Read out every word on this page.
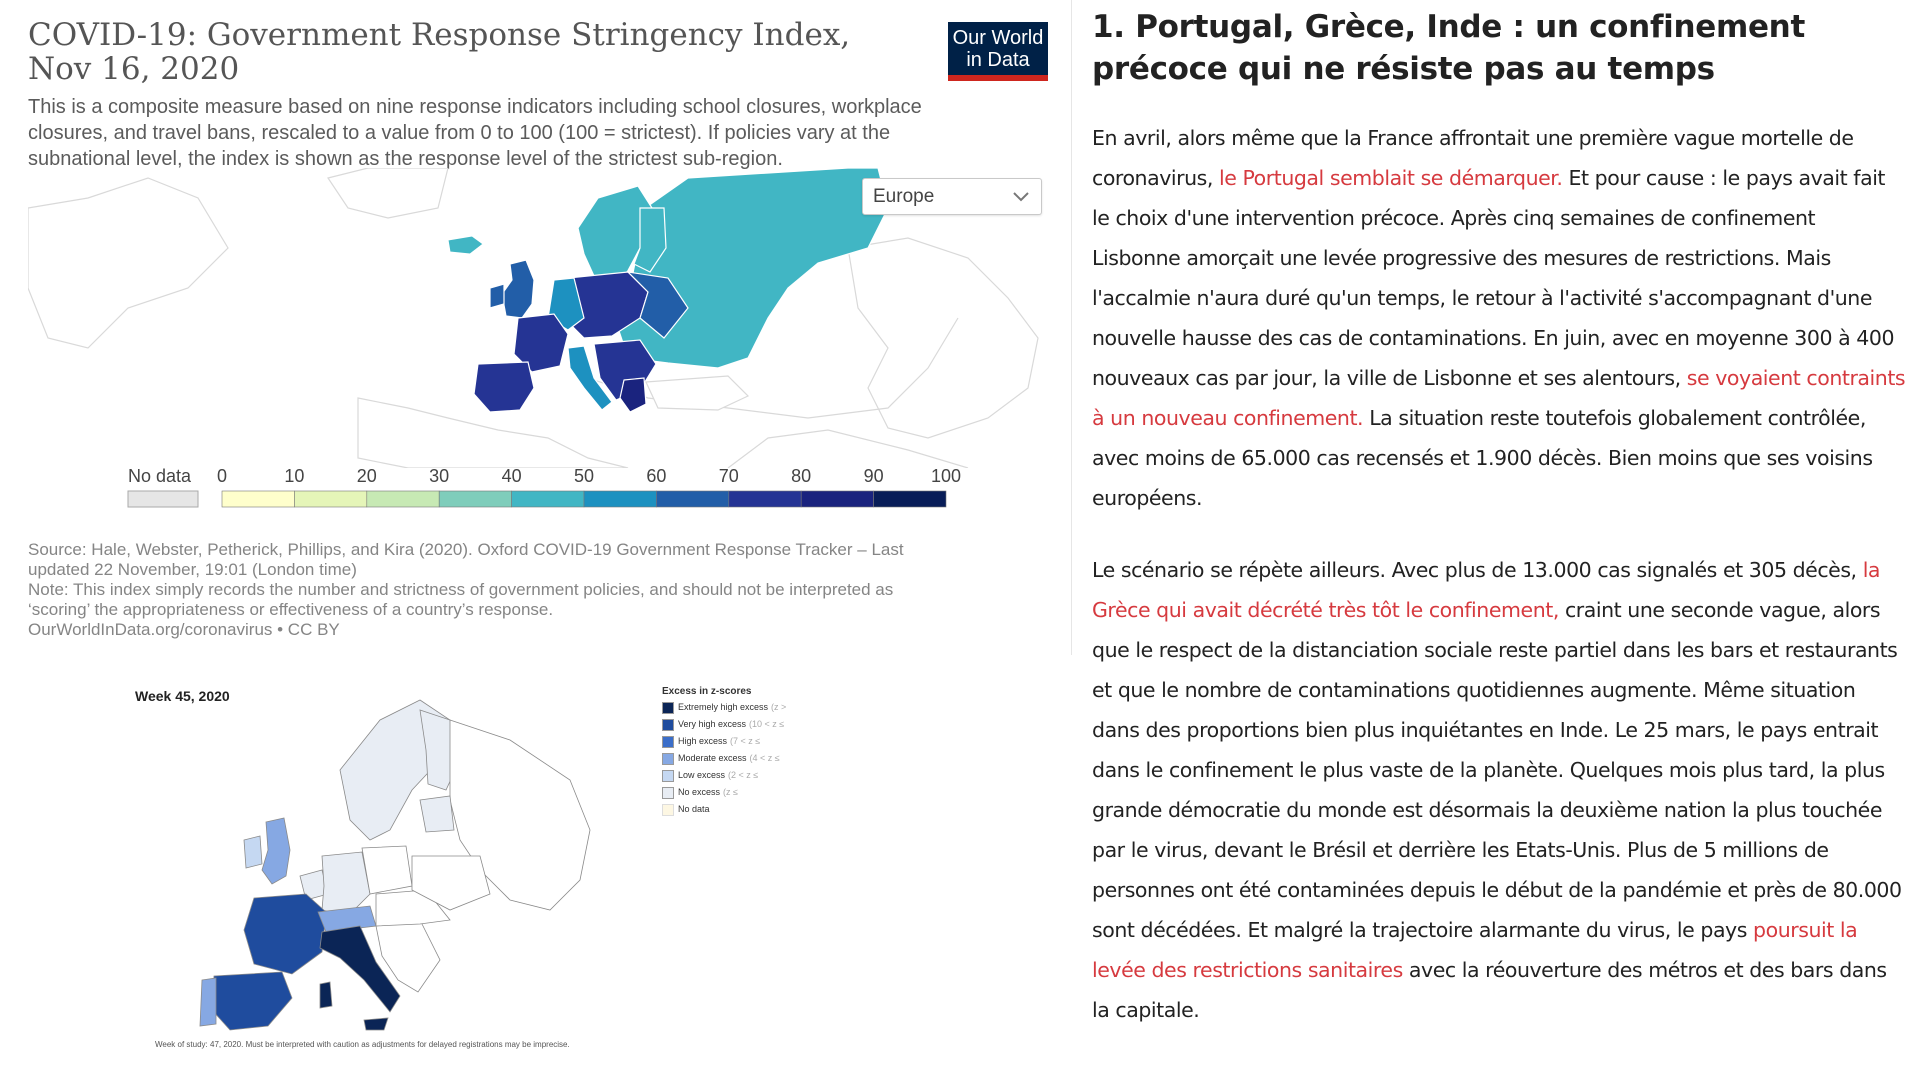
COVID-19: Government Response Stringency Index, Nov 16, 2020
Our World
in Data
This is a composite measure based on nine response indicators including school closures, workplace closures, and travel bans, rescaled to a value from 0 to 100 (100 = strictest). If policies vary at the subnational level, the index is shown as the response level of the strictest sub-region.
Europe
No data 0	10	20	30	40	50	60	70	80	90	100
Source: Hale, Webster, Petherick, Phillips, and Kira (2020). Oxford COVID-19 Government Response Tracker – Last
updated 22 November, 19:01 (London time)
Note: This index simply records the number and strictness of government policies, and should not be interpreted as
‘scoring’ the appropriateness or effectiveness of a country’s response.
OurWorldInData.org/coronavirus • CC BY
Week 45, 2020	Excess in z-scores
Extremely high excess (z >
Very high excess (10 < z ≤
High excess (7 < z ≤
Moderate excess (4 < z ≤
Low excess (2 < z ≤
No excess (z ≤
No data
Week of study: 47, 2020. Must be interpreted with caution as adjustments for delayed registrations may be imprecise.
1. Portugal, Grèce, Inde : un confinement précoce qui ne résiste pas au temps

En avril, alors même que la France affrontait une première vague mortelle de coronavirus, le Portugal semblait se démarquer. Et pour cause : le pays avait fait le choix d'une intervention précoce. Après cinq semaines de confinement Lisbonne amorçait une levée progressive des mesures de restrictions. Mais l'accalmie n'aura duré qu'un temps, le retour à l'activité s'accompagnant d'une nouvelle hausse des cas de contaminations. En juin, avec en moyenne 300 à 400 nouveaux cas par jour, la ville de Lisbonne et ses alentours, se voyaient contraints à un nouveau confinement. La situation reste toutefois globalement contrôlée, avec moins de 65.000 cas recensés et 1.900 décès. Bien moins que ses voisins européens.

Le scénario se répète ailleurs. Avec plus de 13.000 cas signalés et 305 décès, la Grèce qui avait décrété très tôt le confinement, craint une seconde vague, alors que le respect de la distanciation sociale reste partiel dans les bars et restaurants et que le nombre de contaminations quotidiennes augmente. Même situation dans des proportions bien plus inquiétantes en Inde. Le 25 mars, le pays entrait dans le confinement le plus vaste de la planète. Quelques mois plus tard, la plus grande démocratie du monde est désormais la deuxième nation la plus touchée par le virus, devant le Brésil et derrière les Etats-Unis. Plus de 5 millions de personnes ont été contaminées depuis le début de la pandémie et près de 80.000 sont décédées. Et malgré la trajectoire alarmante du virus, le pays poursuit la levée des restrictions sanitaires avec la réouverture des métros et des bars dans la capitale.
